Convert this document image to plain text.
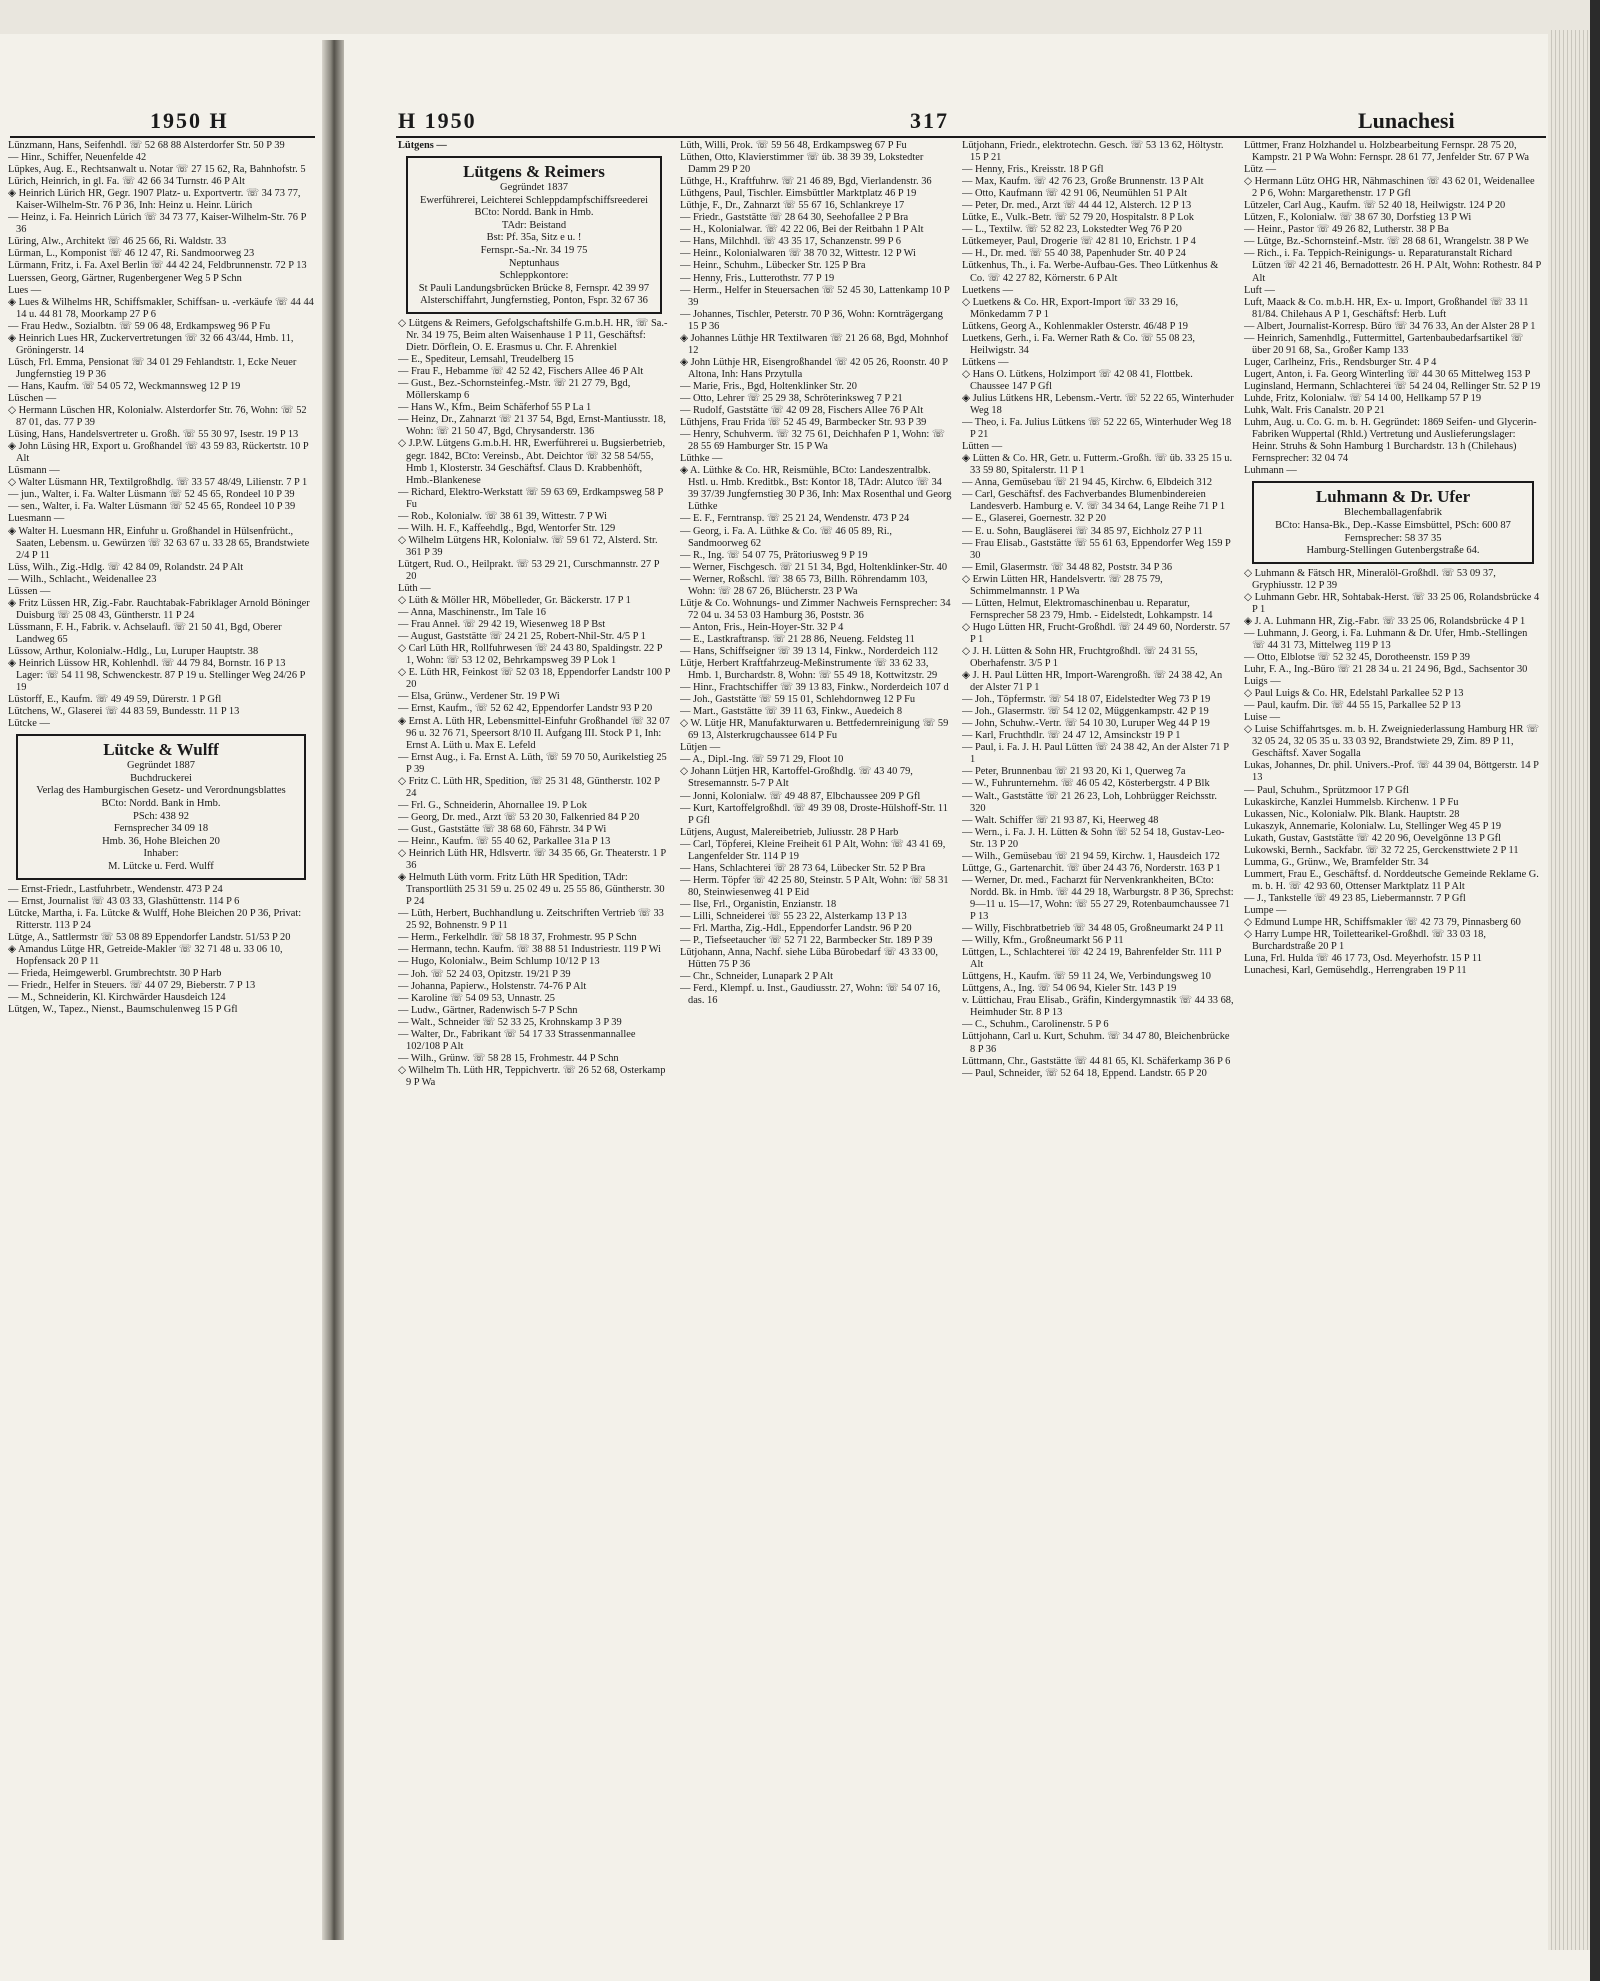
1950 H	H 1950	317	Lunachesi
Lünzmann, Hans, Seifenhdl. ☏ 52 68 88 Alsterdorfer Str. 50 P 39
— Hinr., Schiffer, Neuenfelde 42
Lüpkes, Aug. E., Rechtsanwalt u. Notar ☏ 27 15 62, Ra, Bahnhofstr. 5
Lürich, Heinrich, in gl. Fa. ☏ 42 66 34 Turnstr. 46 P Alt
◈ Heinrich Lürich HR, Gegr. 1907 Platz- u. Exportvertr. ☏ 34 73 77, Kaiser-Wilhelm-Str. 76 P 36, Inh: Heinz u. Heinr. Lürich
— Heinz, i. Fa. Heinrich Lürich ☏ 34 73 77, Kaiser-Wilhelm-Str. 76 P 36
Lüring, Alw., Architekt ☏ 46 25 66, Ri. Waldstr. 33
Lürman, L., Komponist ☏ 46 12 47, Ri. Sandmoorweg 23
Lürmann, Fritz, i. Fa. Axel Berlin ☏ 44 42 24, Feldbrunnenstr. 72 P 13
Luerssen, Georg, Gärtner, Rugenbergener Weg 5 P Schn
Lues —
◈ Lues & Wilhelms HR, Schiffsmakler, Schiffsan- u. -verkäufe ☏ 44 44 14 u. 44 81 78, Moorkamp 27 P 6
— Frau Hedw., Sozialbtn. ☏ 59 06 48, Erdkampsweg 96 P Fu
◈ Heinrich Lues HR, Zuckervertretungen ☏ 32 66 43/44, Hmb. 11, Gröningerstr. 14
Lüsch, Frl. Emma, Pensionat ☏ 34 01 29 Fehlandtstr. 1, Ecke Neuer Jungfernstieg 19 P 36
— Hans, Kaufm. ☏ 54 05 72, Weckmannsweg 12 P 19
Lüschen —
◇ Hermann Lüschen HR, Kolonialw. Alsterdorfer Str. 76, Wohn: ☏ 52 87 01, das. 77 P 39
Lüsing, Hans, Handelsvertreter u. Großh. ☏ 55 30 97, Isestr. 19 P 13
◈ John Lüsing HR, Export u. Großhandel ☏ 43 59 83, Rückertstr. 10 P Alt
Lüsmann —
◇ Walter Lüsmann HR, Textilgroßhdlg. ☏ 33 57 48/49, Lilienstr. 7 P 1
— jun., Walter, i. Fa. Walter Lüsmann ☏ 52 45 65, Rondeel 10 P 39
— sen., Walter, i. Fa. Walter Lüsmann ☏ 52 45 65, Rondeel 10 P 39
Luesmann —
◈ Walter H. Luesmann HR, Einfuhr u. Großhandel in Hülsenfrücht., Saaten, Lebensm. u. Gewürzen ☏ 32 63 67 u. 33 28 65, Brandstwiete 2/4 P 11
Lüss, Wilh., Zig.-Hdlg. ☏ 42 84 09, Rolandstr. 24 P Alt
— Wilh., Schlacht., Weidenallee 23
Lüssen —
◈ Fritz Lüssen HR, Zig.-Fabr. Rauchtabak-Fabriklager Arnold Böninger Duisburg ☏ 25 08 43, Güntherstr. 11 P 24
Lüssmann, F. H., Fabrik. v. Achselaufl. ☏ 21 50 41, Bgd, Oberer Landweg 65
Lüssow, Arthur, Kolonialw.-Hdlg., Lu, Luruper Hauptstr. 38
◈ Heinrich Lüssow HR, Kohlenhdl. ☏ 44 79 84, Bornstr. 16 P 13 Lager: ☏ 54 11 98, Schwenckestr. 87 P 19 u. Stellinger Weg 24/26 P 19
Lüstorff, E., Kaufm. ☏ 49 49 59, Dürerstr. 1 P Gfl
Lütchens, W., Glaserei ☏ 44 83 59, Bundesstr. 11 P 13
Lütcke —
Lütcke & Wulff
Gegründet 1887
Buchdruckerei
Verlag des Hamburgischen Gesetz- und Verordnungsblattes
BCto: Nordd. Bank in Hmb.
PSch: 438 92
Fernsprecher 34 09 18
Hmb. 36, Hohe Bleichen 20
Inhaber:
M. Lütcke u. Ferd. Wulff
— Ernst-Friedr., Lastfuhrbetr., Wendenstr. 473 P 24
— Ernst, Journalist ☏ 43 03 33, Glashüttenstr. 114 P 6
Lütcke, Martha, i. Fa. Lütcke & Wulff, Hohe Bleichen 20 P 36, Privat: Ritterstr. 113 P 24
Lütge, A., Sattlermstr ☏ 53 08 89 Eppendorfer Landstr. 51/53 P 20
◈ Amandus Lütge HR, Getreide-Makler ☏ 32 71 48 u. 33 06 10, Hopfensack 20 P 11
— Frieda, Heimgewerbl. Grumbrechtstr. 30 P Harb
— Friedr., Helfer in Steuers. ☏ 44 07 29, Bieberstr. 7 P 13
— M., Schneiderin, Kl. Kirchwärder Hausdeich 124
Lütgen, W., Tapez., Nienst., Baumschulenweg 15 P Gfl
Lütgens —
Lütgens & Reimers
Gegründet 1837
Ewerführerei, Leichterei Schleppdampfschiffsreederei
BCto: Nordd. Bank in Hmb.
TAdr: Beistand
Bst: Pf. 35a, Sitz e u. !
Fernspr.-Sa.-Nr. 34 19 75
Neptunhaus
Schleppkontore:
St Pauli Landungsbrücken Brücke 8, Fernspr. 42 39 97
Alsterschiffahrt, Jungfernstieg, Ponton, Fspr. 32 67 36
◇ Lütgens & Reimers, Gefolgschaftshilfe G.m.b.H. HR, ☏ Sa.-Nr. 34 19 75, Beim alten Waisenhause 1 P 11, Geschäftsf: Dietr. Dörflein, O. E. Erasmus u. Chr. F. Ahrenkiel
— E., Spediteur, Lemsahl, Treudelberg 15
— Frau F., Hebamme ☏ 42 52 42, Fischers Allee 46 P Alt
— Gust., Bez.-Schornsteinfeg.-Mstr. ☏ 21 27 79, Bgd, Möllerskamp 6
— Hans W., Kfm., Beim Schäferhof 55 P La 1
— Heinz, Dr., Zahnarzt ☏ 21 37 54, Bgd, Ernst-Mantiusstr. 18, Wohn: ☏ 21 50 47, Bgd, Chrysanderstr. 136
◇ J.P.W. Lütgens G.m.b.H. HR, Ewerführerei u. Bugsierbetrieb, gegr. 1842, BCto: Vereinsb., Abt. Deichtor ☏ 32 58 54/55, Hmb 1, Klosterstr. 34 Geschäftsf. Claus D. Krabbenhöft, Hmb.-Blankenese
— Richard, Elektro-Werkstatt ☏ 59 63 69, Erdkampsweg 58 P Fu
— Rob., Kolonialw. ☏ 38 61 39, Wittestr. 7 P Wi
— Wilh. H. F., Kaffeehdlg., Bgd, Wentorfer Str. 129
◇ Wilhelm Lütgens HR, Kolonialw. ☏ 59 61 72, Alsterd. Str. 361 P 39
Lütgert, Rud. O., Heilprakt. ☏ 53 29 21, Curschmannstr. 27 P 20
Lüth —
◇ Lüth & Möller HR, Möbelleder, Gr. Bäckerstr. 17 P 1
— Anna, Maschinenstr., Im Tale 16
— Frau Anneł. ☏ 29 42 19, Wiesenweg 18 P Bst
— August, Gaststätte ☏ 24 21 25, Robert-Nhil-Str. 4/5 P 1
◇ Carl Lüth HR, Rollfuhrwesen ☏ 24 43 80, Spaldingstr. 22 P 1, Wohn: ☏ 53 12 02, Behrkampsweg 39 P Lok 1
◇ E. Lüth HR, Feinkost ☏ 52 03 18, Eppendorfer Landstr 100 P 20
— Elsa, Grünw., Verdener Str. 19 P Wi
— Ernst, Kaufm., ☏ 52 62 42, Eppendorfer Landstr 93 P 20
◈ Ernst A. Lüth HR, Lebensmittel-Einfuhr Großhandel ☏ 32 07 96 u. 32 76 71, Speersort 8/10 II. Aufgang III. Stock P 1, Inh: Ernst A. Lüth u. Max E. Lefeld
— Ernst Aug., i. Fa. Ernst A. Lüth, ☏ 59 70 50, Aurikelstieg 25 P 39
◇ Fritz C. Lüth HR, Spedition, ☏ 25 31 48, Güntherstr. 102 P 24
— Frl. G., Schneiderin, Ahornallee 19. P Lok
— Georg, Dr. med., Arzt ☏ 53 20 30, Falkenried 84 P 20
— Gust., Gaststätte ☏ 38 68 60, Fährstr. 34 P Wi
— Heinr., Kaufm. ☏ 55 40 62, Parkallee 31a P 13
◇ Heinrich Lüth HR, Hdlsvertr. ☏ 34 35 66, Gr. Theaterstr. 1 P 36
◈ Helmuth Lüth vorm. Fritz Lüth HR Spedition, TAdr: Transportlüth 25 31 59 u. 25 02 49 u. 25 55 86, Güntherstr. 30 P 24
— Lüth, Herbert, Buchhandlung u. Zeitschriften Vertrieb ☏ 33 25 92, Bohnenstr. 9 P 11
— Herm., Ferkelhdlr. ☏ 58 18 37, Frohmestr. 95 P Schn
— Hermann, techn. Kaufm. ☏ 38 88 51 Industriestr. 119 P Wi
— Hugo, Kolonialw., Beim Schlump 10/12 P 13
— Joh. ☏ 52 24 03, Opitzstr. 19/21 P 39
— Johanna, Papierw., Holstenstr. 74-76 P Alt
— Karoline ☏ 54 09 53, Unnastr. 25
— Ludw., Gärtner, Radenwisch 5-7 P Schn
— Walt., Schneider ☏ 52 33 25, Krohnskamp 3 P 39
— Walter, Dr., Fabrikant ☏ 54 17 33 Strassenmannallee 102/108 P Alt
— Wilh., Grünw. ☏ 58 28 15, Frohmestr. 44 P Schn
◇ Wilhelm Th. Lüth HR, Teppichvertr. ☏ 26 52 68, Osterkamp 9 P Wa
Lüth, Willi, Prok. ☏ 59 56 48, Erdkampsweg 67 P Fu
Lüthen, Otto, Klavierstimmer ☏ üb. 38 39 39, Lokstedter Damm 29 P 20
Lüthge, H., Kraftfuhrw. ☏ 21 46 89, Bgd, Vierlandenstr. 36
Lüthgens, Paul, Tischler. Eimsbüttler Marktplatz 46 P 19
Lüthje, F., Dr., Zahnarzt ☏ 55 67 16, Schlankreye 17
— Friedr., Gaststätte ☏ 28 64 30, Seehofallee 2 P Bra
— H., Kolonialwar. ☏ 42 22 06, Bei der Reitbahn 1 P Alt
— Hans, Milchhdl. ☏ 43 35 17, Schanzenstr. 99 P 6
— Heinr., Kolonialwaren ☏ 38 70 32, Wittestr. 12 P Wi
— Heinr., Schuhm., Lübecker Str. 125 P Bra
— Henny, Fris., Lutterothstr. 77 P 19
— Herm., Helfer in Steuersachen ☏ 52 45 30, Lattenkamp 10 P 39
— Johannes, Tischler, Peterstr. 70 P 36, Wohn: Kornträgergang 15 P 36
◈ Johannes Lüthje HR Textilwaren ☏ 21 26 68, Bgd, Mohnhof 12
◈ John Lüthje HR, Eisengroßhandel ☏ 42 05 26, Roonstr. 40 P Altona, Inh: Hans Przytulla
— Marie, Fris., Bgd, Holtenklinker Str. 20
— Otto, Lehrer ☏ 25 29 38, Schröterinksweg 7 P 21
— Rudolf, Gaststätte ☏ 42 09 28, Fischers Allee 76 P Alt
Lüthjens, Frau Frida ☏ 52 45 49, Barmbecker Str. 93 P 39
— Henry, Schuhverm. ☏ 32 75 61, Deichhafen P 1, Wohn: ☏ 28 55 69 Hamburger Str. 15 P Wa
Lüthke —
◈ A. Lüthke & Co. HR, Reismühle, BCto: Landeszentralbk. Hstl. u. Hmb. Kreditbk., Bst: Kontor 18, TAdr: Alutco ☏ 34 39 37/39 Jungfernstieg 30 P 36, Inh: Max Rosenthal und Georg Lüthke
— E. F., Ferntransp. ☏ 25 21 24, Wendenstr. 473 P 24
— Georg, i. Fa. A. Lüthke & Co. ☏ 46 05 89, Ri., Sandmoorweg 62
— R., Ing. ☏ 54 07 75, Prätoriusweg 9 P 19
— Werner, Fischgesch. ☏ 21 51 34, Bgd, Holtenklinker-Str. 40
— Werner, Roßschl. ☏ 38 65 73, Billh. Röhrendamm 103, Wohn: ☏ 28 67 26, Blücherstr. 23 P Wa
Lütje & Co. Wohnungs- und Zimmer Nachweis Fernsprecher: 34 72 04 u. 34 53 03 Hamburg 36, Poststr. 36
— Anton, Fris., Hein-Hoyer-Str. 32 P 4
— E., Lastkraftransp. ☏ 21 28 86, Neueng. Feldsteg 11
— Hans, Schiffseigner ☏ 39 13 14, Finkw., Norderdeich 112
Lütje, Herbert Kraftfahrzeug-Meßinstrumente ☏ 33 62 33, Hmb. 1, Burchardstr. 8, Wohn: ☏ 55 49 18, Kottwitzstr. 29
— Hinr., Frachtschiffer ☏ 39 13 83, Finkw., Norderdeich 107 d
— Joh., Gaststätte ☏ 59 15 01, Schlehdornweg 12 P Fu
— Mart., Gaststätte ☏ 39 11 63, Finkw., Auedeich 8
◇ W. Lütje HR, Manufakturwaren u. Bettfedernreinigung ☏ 59 69 13, Alsterkrugchaussee 614 P Fu
Lütjen —
— A., Dipl.-Ing. ☏ 59 71 29, Floot 10
◇ Johann Lütjen HR, Kartoffel-Großhdlg. ☏ 43 40 79, Stresemannstr. 5-7 P Alt
— Jonni, Kolonialw. ☏ 49 48 87, Elbchaussee 209 P Gfl
— Kurt, Kartoffelgroßhdl. ☏ 49 39 08, Droste-Hülshoff-Str. 11 P Gfl
Lütjens, August, Malereibetrieb, Juliusstr. 28 P Harb
— Carl, Töpferei, Kleine Freiheit 61 P Alt, Wohn: ☏ 43 41 69, Langenfelder Str. 114 P 19
— Hans, Schlachterei ☏ 28 73 64, Lübecker Str. 52 P Bra
— Herm. Töpfer ☏ 42 25 80, Steinstr. 5 P Alt, Wohn: ☏ 58 31 80, Steinwiesenweg 41 P Eid
— Ilse, Frl., Organistin, Enzianstr. 18
— Lilli, Schneiderei ☏ 55 23 22, Alsterkamp 13 P 13
— Frl. Martha, Zig.-Hdl., Eppendorfer Landstr. 96 P 20
— P., Tiefseetaucher ☏ 52 71 22, Barmbecker Str. 189 P 39
Lütjohann, Anna, Nachf. siehe Lüba Bürobedarf ☏ 43 33 00, Hütten 75 P 36
— Chr., Schneider, Lunapark 2 P Alt
— Ferd., Klempf. u. Inst., Gaudiusstr. 27, Wohn: ☏ 54 07 16, das. 16
Lütjohann, Friedr., elektrotechn. Gesch. ☏ 53 13 62, Höltystr. 15 P 21
— Henny, Fris., Kreisstr. 18 P Gfl
— Max, Kaufm. ☏ 42 76 23, Große Brunnenstr. 13 P Alt
— Otto, Kaufmann ☏ 42 91 06, Neumühlen 51 P Alt
— Peter, Dr. med., Arzt ☏ 44 44 12, Alsterch. 12 P 13
Lütke, E., Vulk.-Betr. ☏ 52 79 20, Hospitalstr. 8 P Lok
— L., Textilw. ☏ 52 82 23, Lokstedter Weg 76 P 20
Lütkemeyer, Paul, Drogerie ☏ 42 81 10, Erichstr. 1 P 4
— H., Dr. med. ☏ 55 40 38, Papenhuder Str. 40 P 24
Lütkenhus, Th., i. Fa. Werbe-Aufbau-Ges. Theo Lütkenhus & Co. ☏ 42 27 82, Körnerstr. 6 P Alt
Luetkens —
◇ Luetkens & Co. HR, Export-Import ☏ 33 29 16, Mönkedamm 7 P 1
Lütkens, Georg A., Kohlenmakler Osterstr. 46/48 P 19
Luetkens, Gerh., i. Fa. Werner Rath & Co. ☏ 55 08 23, Heilwigstr. 34
Lütkens —
◇ Hans O. Lütkens, Holzimport ☏ 42 08 41, Flottbek. Chaussee 147 P Gfl
◈ Julius Lütkens HR, Lebensm.-Vertr. ☏ 52 22 65, Winterhuder Weg 18
— Theo, i. Fa. Julius Lütkens ☏ 52 22 65, Winterhuder Weg 18 P 21
Lütten —
◈ Lütten & Co. HR, Getr. u. Futterm.-Großh. ☏ üb. 33 25 15 u. 33 59 80, Spitalerstr. 11 P 1
— Anna, Gemüsebau ☏ 21 94 45, Kirchw. 6, Elbdeich 312
— Carl, Geschäftsf. des Fachverbandes Blumenbindereien Landesverb. Hamburg e. V. ☏ 34 34 64, Lange Reihe 71 P 1
— E., Glaserei, Goernestr. 32 P 20
— E. u. Sohn, Baugläserei ☏ 34 85 97, Eichholz 27 P 11
— Frau Elisab., Gaststätte ☏ 55 61 63, Eppendorfer Weg 159 P 30
— Emil, Glasermstr. ☏ 34 48 82, Poststr. 34 P 36
◇ Erwin Lütten HR, Handelsvertr. ☏ 28 75 79, Schimmelmannstr. 1 P Wa
— Lütten, Helmut, Elektromaschinenbau u. Reparatur, Fernsprecher 58 23 79, Hmb. - Eidelstedt, Lohkampstr. 14
◇ Hugo Lütten HR, Frucht-Großhdl. ☏ 24 49 60, Norderstr. 57 P 1
◇ J. H. Lütten & Sohn HR, Fruchtgroßhdl. ☏ 24 31 55, Oberhafenstr. 3/5 P 1
◈ J. H. Paul Lütten HR, Import-Warengroßh. ☏ 24 38 42, An der Alster 71 P 1
— Joh., Töpfermstr. ☏ 54 18 07, Eidelstedter Weg 73 P 19
— Joh., Glasermstr. ☏ 54 12 02, Müggenkampstr. 42 P 19
— John, Schuhw.-Vertr. ☏ 54 10 30, Luruper Weg 44 P 19
— Karl, Fruchthdlr. ☏ 24 47 12, Amsinckstr 19 P 1
— Paul, i. Fa. J. H. Paul Lütten ☏ 24 38 42, An der Alster 71 P 1
— Peter, Brunnenbau ☏ 21 93 20, Ki 1, Querweg 7a
— W., Fuhrunternehm. ☏ 46 05 42, Kösterbergstr. 4 P Blk
— Walt., Gaststätte ☏ 21 26 23, Loh, Lohbrügger Reichsstr. 320
— Walt. Schiffer ☏ 21 93 87, Ki, Heerweg 48
— Wern., i. Fa. J. H. Lütten & Sohn ☏ 52 54 18, Gustav-Leo-Str. 13 P 20
— Wilh., Gemüsebau ☏ 21 94 59, Kirchw. 1, Hausdeich 172
Lüttge, G., Gartenarchit. ☏ über 24 43 76, Norderstr. 163 P 1
— Werner, Dr. med., Facharzt für Nervenkrankheiten, BCto: Nordd. Bk. in Hmb. ☏ 44 29 18, Warburgstr. 8 P 36, Sprechst: 9—11 u. 15—17, Wohn: ☏ 55 27 29, Rotenbaumchaussee 71 P 13
— Willy, Fischbratbetrieb ☏ 34 48 05, Großneumarkt 24 P 11
— Willy, Kfm., Großneumarkt 56 P 11
Lüttgen, L., Schlachterei ☏ 42 24 19, Bahrenfelder Str. 111 P Alt
Lüttgens, H., Kaufm. ☏ 59 11 24, We, Verbindungsweg 10
Lüttgens, A., Ing. ☏ 54 06 94, Kieler Str. 143 P 19
v. Lüttichau, Frau Elisab., Gräfin, Kindergymnastik ☏ 44 33 68, Heimhuder Str. 8 P 13
— C., Schuhm., Carolinenstr. 5 P 6
Lüttjohann, Carl u. Kurt, Schuhm. ☏ 34 47 80, Bleichenbrücke 8 P 36
Lüttmann, Chr., Gaststätte ☏ 44 81 65, Kl. Schäferkamp 36 P 6
— Paul, Schneider, ☏ 52 64 18, Eppend. Landstr. 65 P 20
Lüttmer, Franz Holzhandel u. Holzbearbeitung Fernspr. 28 75 20, Kampstr. 21 P Wa Wohn: Fernspr. 28 61 77, Jenfelder Str. 67 P Wa
Lütz —
◇ Hermann Lütz OHG HR, Nähmaschinen ☏ 43 62 01, Weidenallee 2 P 6, Wohn: Margarethenstr. 17 P Gfl
Lützeler, Carl Aug., Kaufm. ☏ 52 40 18, Heilwigstr. 124 P 20
Lützen, F., Kolonialw. ☏ 38 67 30, Dorfstieg 13 P Wi
— Heinr., Pastor ☏ 49 26 82, Lutherstr. 38 P Ba
— Lütge, Bz.-Schornsteinf.-Mstr. ☏ 28 68 61, Wrangelstr. 38 P We
— Rich., i. Fa. Teppich-Reinigungs- u. Reparaturanstalt Richard Lützen ☏ 42 21 46, Bernadottestr. 26 H. P Alt, Wohn: Rothestr. 84 P Alt
Luft —
Luft, Maack & Co. m.b.H. HR, Ex- u. Import, Großhandel ☏ 33 11 81/84. Chilehaus A P 1, Geschäftsf: Herb. Luft
— Albert, Journalist-Korresp. Büro ☏ 34 76 33, An der Alster 28 P 1
— Heinrich, Samenhdlg., Futtermittel, Gartenbaubedarfsartikel ☏ über 20 91 68, Sa., Großer Kamp 133
Luger, Carlheinz, Fris., Rendsburger Str. 4 P 4
Lugert, Anton, i. Fa. Georg Winterling ☏ 44 30 65 Mittelweg 153 P
Luginsland, Hermann, Schlachterei ☏ 54 24 04, Rellinger Str. 52 P 19
Luhde, Fritz, Kolonialw. ☏ 54 14 00, Hellkamp 57 P 19
Luhk, Walt. Fris Canalstr. 20 P 21
Luhm, Aug. u. Co. G. m. b. H. Gegründet: 1869 Seifen- und Glycerin-Fabriken Wuppertal (Rhld.) Vertretung und Auslieferungslager: Heinr. Struhs & Sohn Hamburg 1 Burchardstr. 13 h (Chilehaus) Fernsprecher: 32 04 74
Luhmann —
Luhmann & Dr. Ufer
Blechemballagenfabrik
BCto: Hansa-Bk., Dep.-Kasse Eimsbüttel, PSch: 600 87
Fernsprecher: 58 37 35
Hamburg-Stellingen Gutenbergstraße 64.
◇ Luhmann & Fätsch HR, Mineralöl-Großhdl. ☏ 53 09 37, Gryphiusstr. 12 P 39
◇ Luhmann Gebr. HR, Sohtabak-Herst. ☏ 33 25 06, Rolandsbrücke 4 P 1
◈ J. A. Luhmann HR, Zig.-Fabr. ☏ 33 25 06, Rolandsbrücke 4 P 1
— Luhmann, J. Georg, i. Fa. Luhmann & Dr. Ufer, Hmb.-Stellingen ☏ 44 31 73, Mittelweg 119 P 13
— Otto, Elblotse ☏ 52 32 45, Dorotheenstr. 159 P 39
Luhr, F. A., Ing.-Büro ☏ 21 28 34 u. 21 24 96, Bgd., Sachsentor 30
Luigs —
◇ Paul Luigs & Co. HR, Edelstahl Parkallee 52 P 13
— Paul, kaufm. Dir. ☏ 44 55 15, Parkallee 52 P 13
Luise —
◇ Luise Schiffahrtsges. m. b. H. Zweigniederlassung Hamburg HR ☏ 32 05 24, 32 05 35 u. 33 03 92, Brandstwiete 29, Zim. 89 P 11, Geschäftsf. Xaver Sogalla
Lukas, Johannes, Dr. phil. Univers.-Prof. ☏ 44 39 04, Böttgerstr. 14 P 13
— Paul, Schuhm., Sprützmoor 17 P Gfl
Lukaskirche, Kanzlei Hummelsb. Kirchenw. 1 P Fu
Lukassen, Nic., Kolonialw. Plk. Blank. Hauptstr. 28
Lukaszyk, Annemarie, Kolonialw. Lu, Stellinger Weg 45 P 19
Lukath, Gustav, Gaststätte ☏ 42 20 96, Oevelgönne 13 P Gfl
Lukowski, Bernh., Sackfabr. ☏ 32 72 25, Gerckensttwiete 2 P 11
Lumma, G., Grünw., We, Bramfelder Str. 34
Lummert, Frau E., Geschäftsf. d. Norddeutsche Gemeinde Reklame G. m. b. H. ☏ 42 93 60, Ottenser Marktplatz 11 P Alt
— J., Tankstelle ☏ 49 23 85, Liebermannstr. 7 P Gfl
Lumpe —
◇ Edmund Lumpe HR, Schiffsmakler ☏ 42 73 79, Pinnasberg 60
◇ Harry Lumpe HR, Toilettearikel-Großhdl. ☏ 33 03 18, Burchardstraße 20 P 1
Luna, Frl. Hulda ☏ 46 17 73, Osd. Meyerhofstr. 15 P 11
Lunachesi, Karl, Gemüsehdlg., Herrengraben 19 P 11
